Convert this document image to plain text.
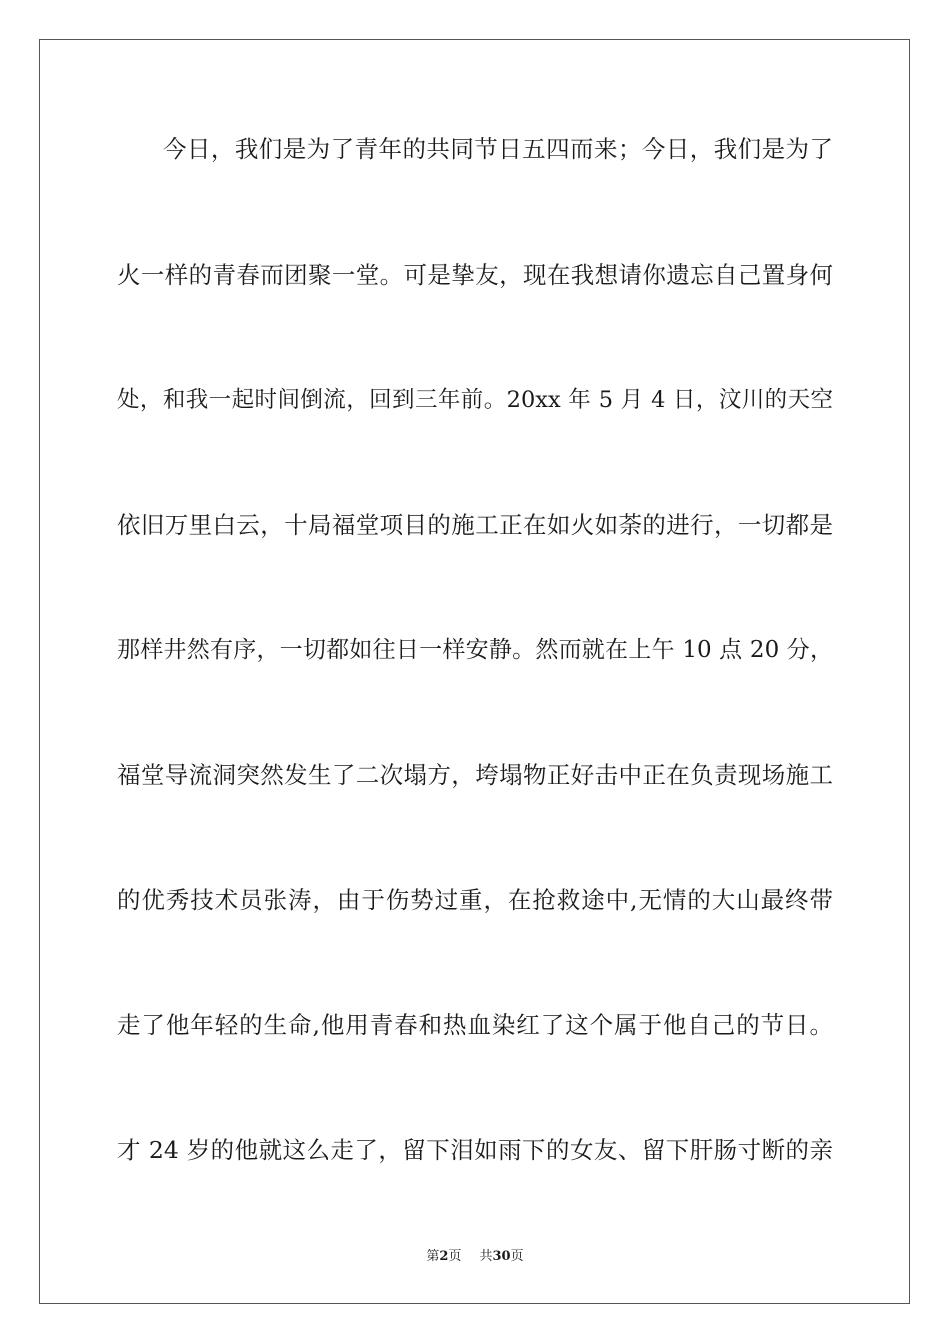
今日，我们是为了青年的共同节日五四而来；今日，我们是为了
火一样的青春而团聚一堂。可是挚友，现在我想请你遗忘自己置身何
处，和我一起时间倒流，回到三年前。20xx 年 5 月 4 日，汶川的天空
依旧万里白云，十局福堂项目的施工正在如火如荼的进行，一切都是
那样井然有序，一切都如往日一样安静。然而就在上午 10 点 20 分，
福堂导流洞突然发生了二次塌方，垮塌物正好击中正在负责现场施工
的优秀技术员张涛，由于伤势过重，在抢救途中,无情的大山最终带
走了他年轻的生命,他用青春和热血染红了这个属于他自己的节日。
才 24 岁的他就这么走了，留下泪如雨下的女友、留下肝肠寸断的亲
第2页 共30页
